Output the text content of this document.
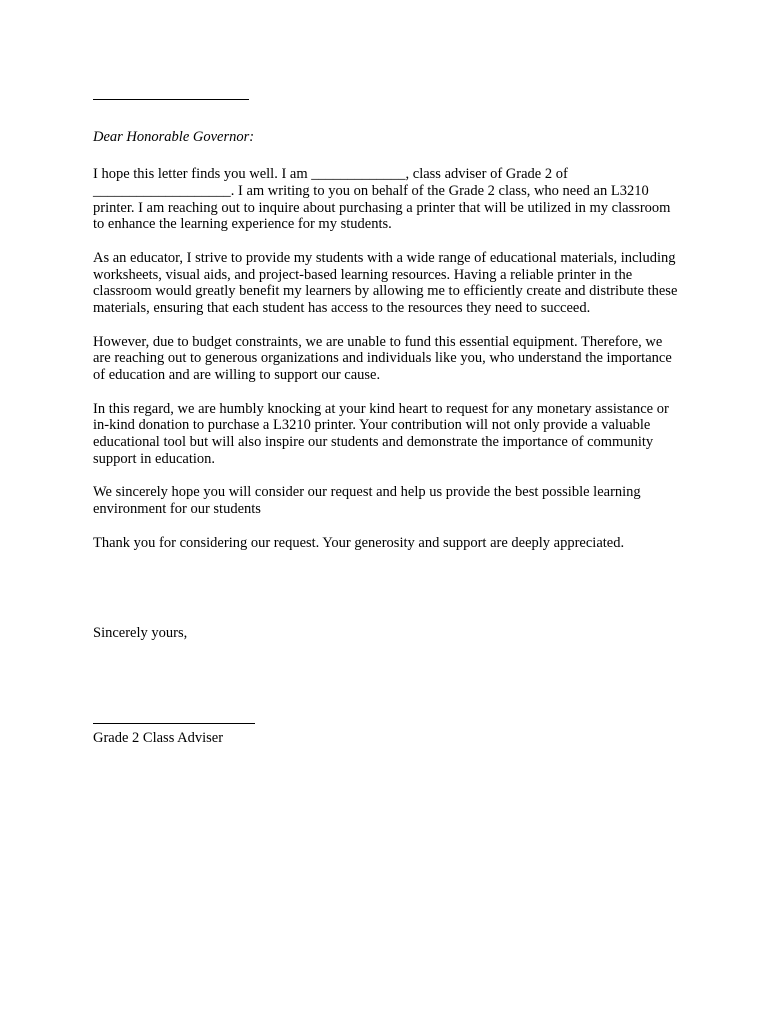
Dear Honorable Governor:

I hope this letter finds you well. I am _____________, class adviser of Grade 2 of ___________________. I am writing to you on behalf of the Grade 2 class, who need an L3210 printer. I am reaching out to inquire about purchasing a printer that will be utilized in my classroom to enhance the learning experience for my students.

As an educator, I strive to provide my students with a wide range of educational materials, including worksheets, visual aids, and project-based learning resources. Having a reliable printer in the classroom would greatly benefit my learners by allowing me to efficiently create and distribute these materials, ensuring that each student has access to the resources they need to succeed.

However, due to budget constraints, we are unable to fund this essential equipment. Therefore, we are reaching out to generous organizations and individuals like you, who understand the importance of education and are willing to support our cause.

In this regard, we are humbly knocking at your kind heart to request for any monetary assistance or in-kind donation to purchase a L3210 printer. Your contribution will not only provide a valuable educational tool but will also inspire our students and demonstrate the importance of community support in education.

We sincerely hope you will consider our request and help us provide the best possible learning environment for our students

Thank you for considering our request. Your generosity and support are deeply appreciated.

Sincerely yours,
Grade 2 Class Adviser
